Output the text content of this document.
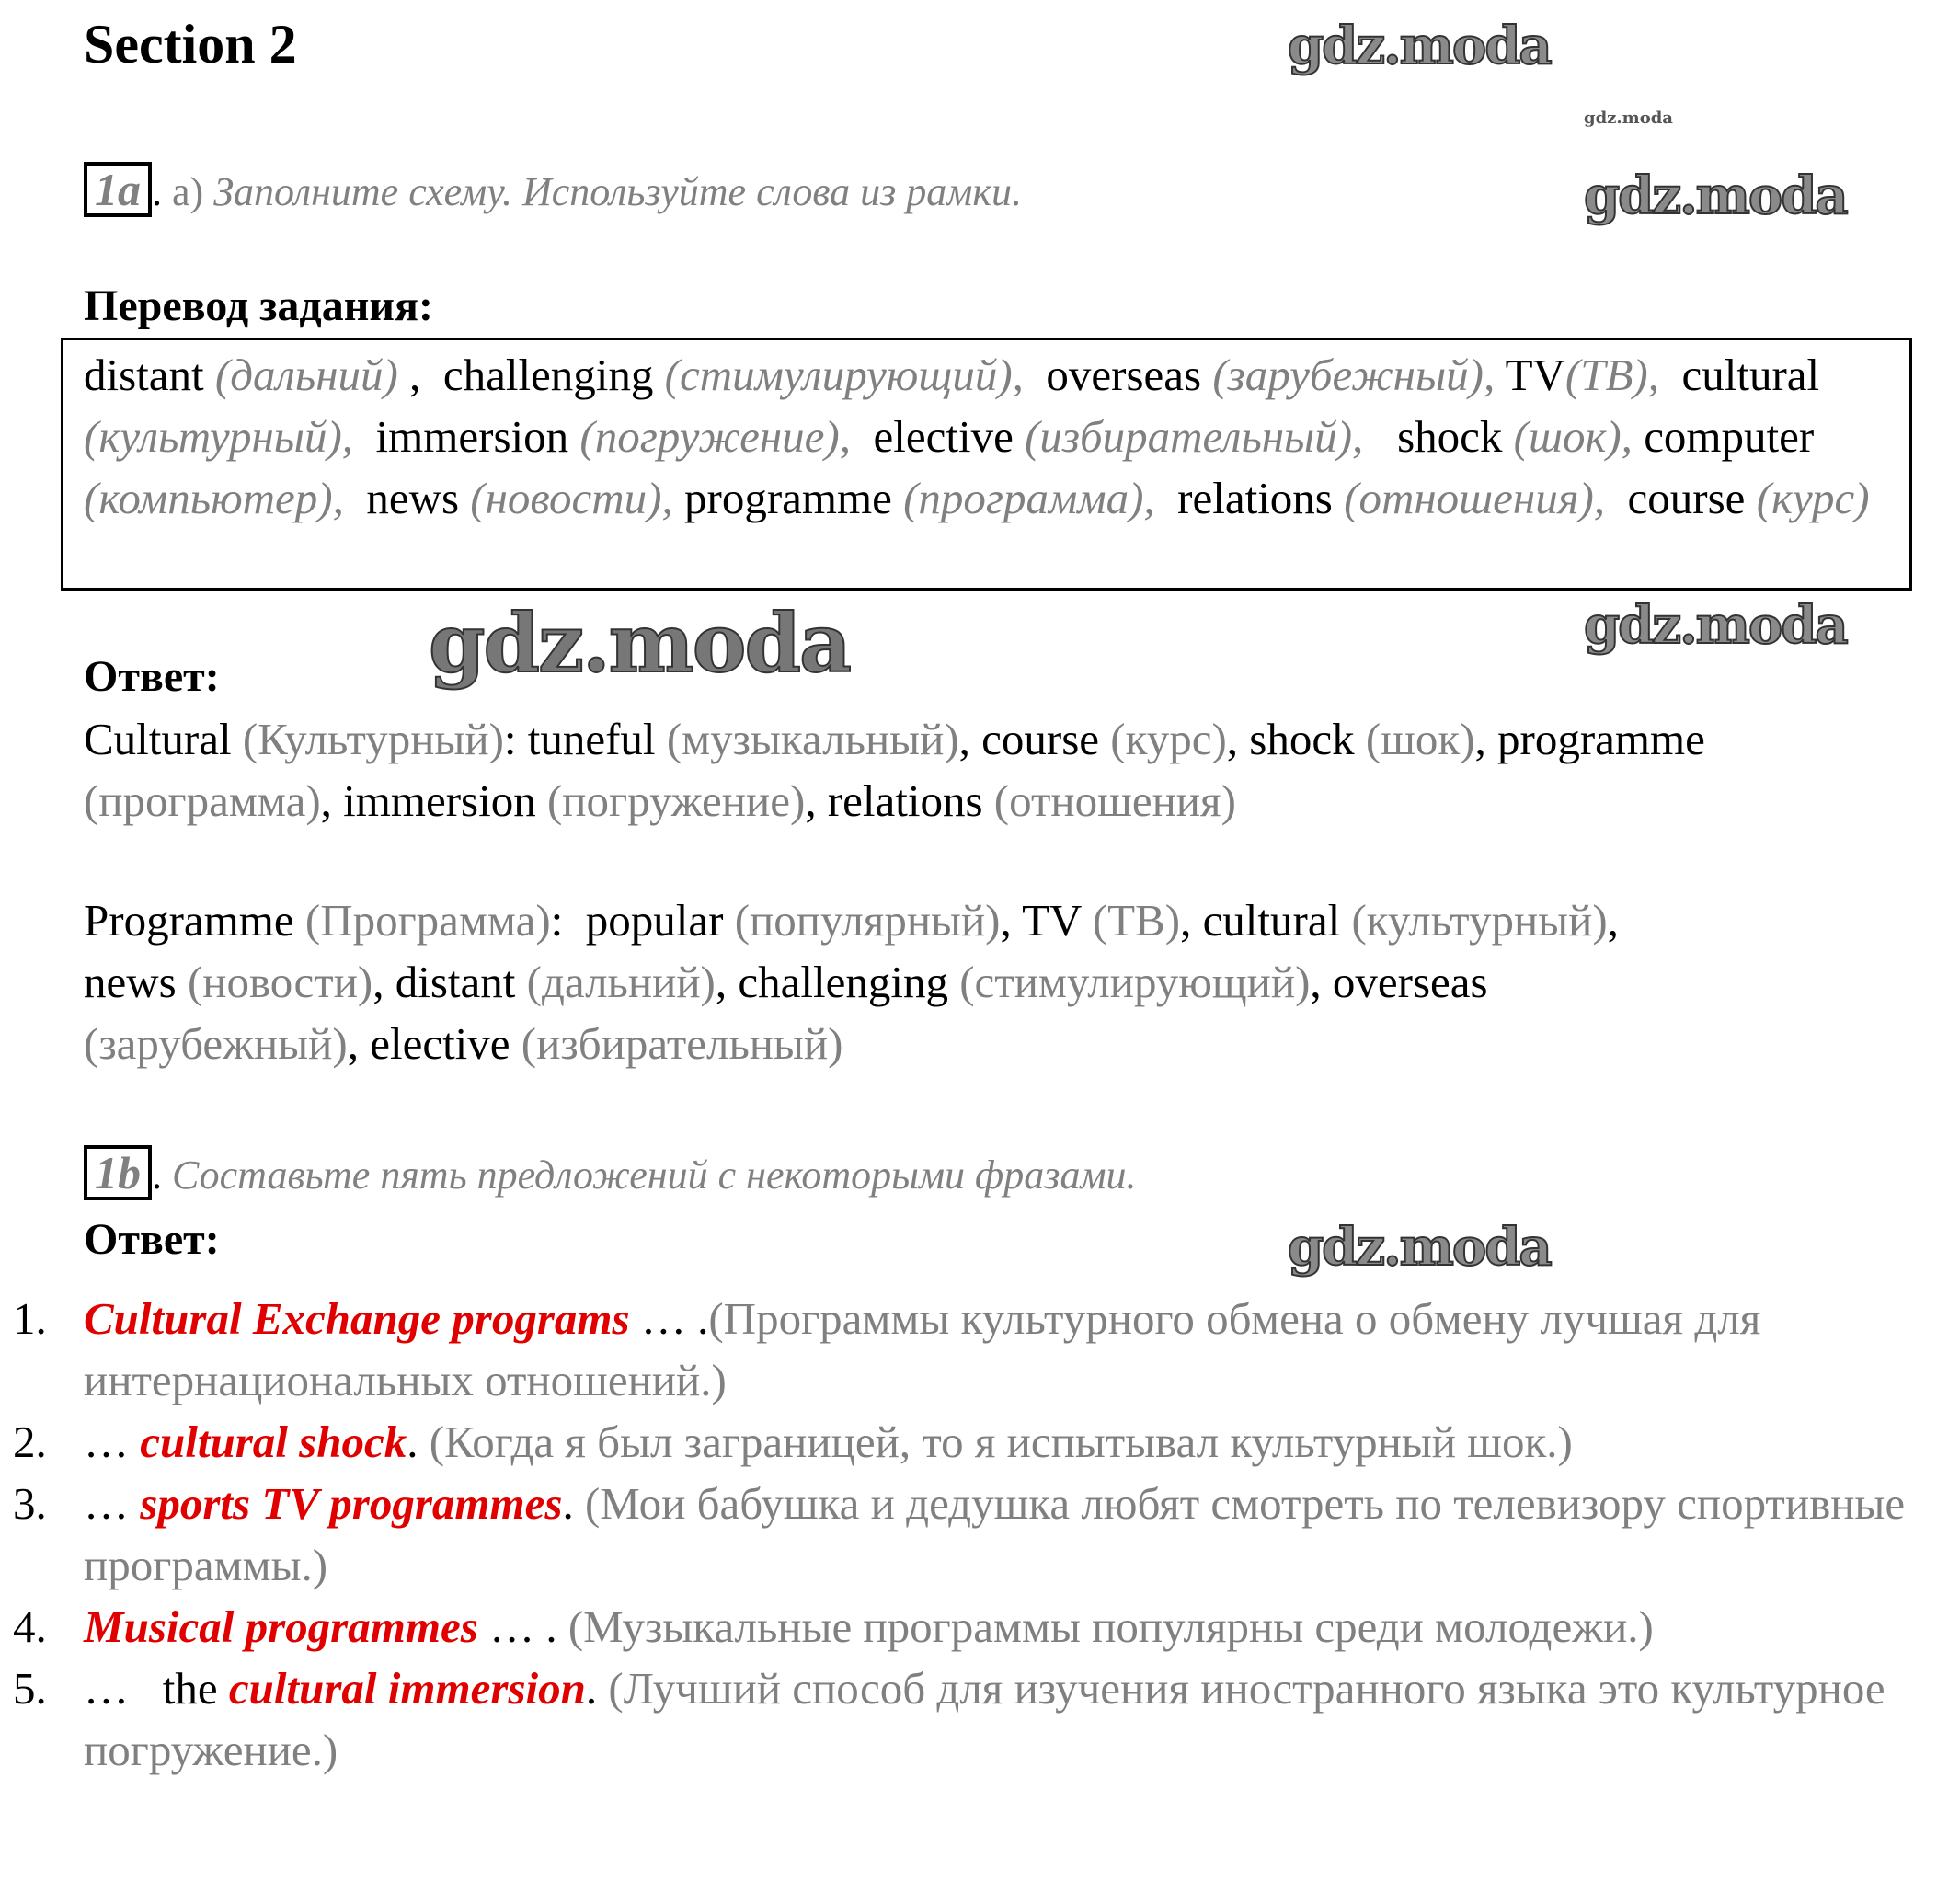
Section 2
1a . а) Заполните схему. Используйте слова из рамки.
Перевод задания:
distant (дальний) ,  challenging (стимулирующий),  overseas (зарубежный), TV(ТВ),  cultural (культурный),  immersion (погружение),  elective (избирательный),   shock (шок), computer (компьютер),  news (новости), programme (программа),  relations (отношения),  course (курс)
Ответ:
Cultural (Культурный): tuneful (музыкальный), course (курс), shock (шок), programme (программа), immersion (погружение), relations (отношения)
Programme (Программа):  popular (популярный), TV (ТВ), cultural (культурный), news (новости), distant (дальний), challenging (стимулирующий), overseas (зарубежный), elective (избирательный)
1b . Составьте пять предложений с некоторыми фразами.
Ответ:
1. Cultural Exchange programs … .(Программы культурного обмена о обмену лучшая для интернациональных отношений.)
2. … cultural shock. (Когда я был заграницей, то я испытывал культурный шок.)
3. … sports TV programmes. (Мои бабушка и дедушка любят смотреть по телевизору спортивные программы.)
4. Musical programmes … . (Музыкальные программы популярны среди молодежи.)
5. …   the cultural immersion. (Лучший способ для изучения иностранного языка это культурное погружение.)
gdz.moda
gdz.moda	gdz.moda
gdz.moda
gdz.moda
gdz.moda
